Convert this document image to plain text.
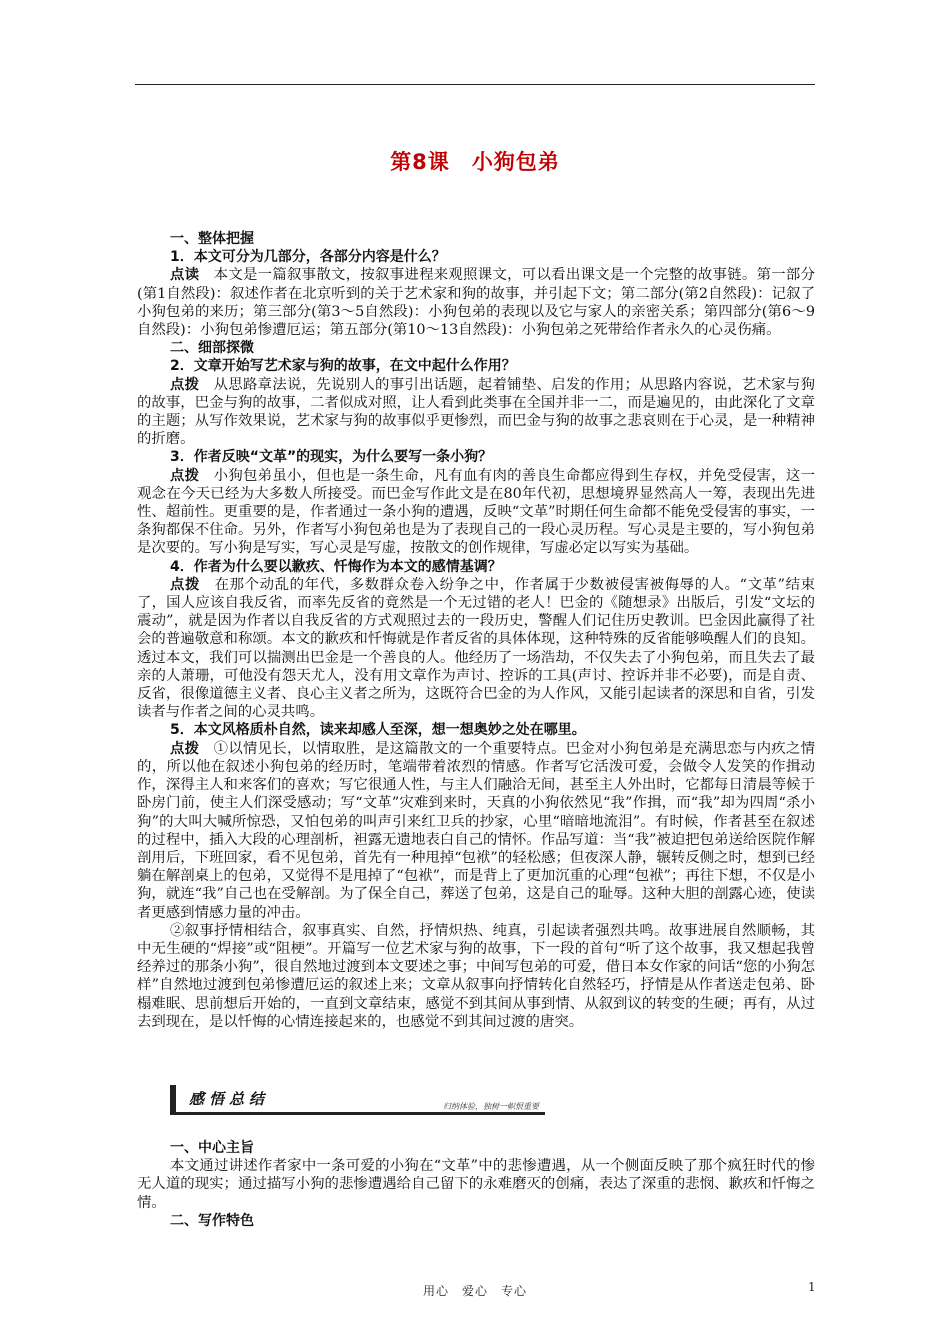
第8课 小狗包弟

一、整体把握

1．本文可分为几部分，各部分内容是什么？

点读 本文是一篇叙事散文，按叙事进程来观照课文，可以看出课文是一个完整的故事链。第一部分(第1自然段)：叙述作者在北京听到的关于艺术家和狗的故事，并引起下文；第二部分(第2自然段)：记叙了小狗包弟的来历；第三部分(第3～5自然段)：小狗包弟的表现以及它与家人的亲密关系；第四部分(第6～9自然段)：小狗包弟惨遭厄运；第五部分(第10～13自然段)：小狗包弟之死带给作者永久的心灵伤痛。

二、细部探微

2．文章开始写艺术家与狗的故事，在文中起什么作用？

点拨 从思路章法说，先说别人的事引出话题，起着铺垫、启发的作用；从思路内容说，艺术家与狗的故事，巴金与狗的故事，二者似成对照，让人看到此类事在全国并非一二，而是遍见的，由此深化了文章的主题；从写作效果说，艺术家与狗的故事似乎更惨烈，而巴金与狗的故事之悲哀则在于心灵，是一种精神的折磨。

3．作者反映“文革”的现实，为什么要写一条小狗？

点拨 小狗包弟虽小，但也是一条生命，凡有血有肉的善良生命都应得到生存权，并免受侵害，这一观念在今天已经为大多数人所接受。而巴金写作此文是在80年代初，思想境界显然高人一筹，表现出先进性、超前性。更重要的是，作者通过一条小狗的遭遇，反映“文革”时期任何生命都不能免受侵害的事实，一条狗都保不住命。另外，作者写小狗包弟也是为了表现自己的一段心灵历程。写心灵是主要的，写小狗包弟是次要的。写小狗是写实，写心灵是写虚，按散文的创作规律，写虚必定以写实为基础。

4．作者为什么要以歉疚、忏悔作为本文的感情基调？

点拨 在那个动乱的年代，多数群众卷入纷争之中，作者属于少数被侵害被侮辱的人。“文革”结束了，国人应该自我反省，而率先反省的竟然是一个无过错的老人！巴金的《随想录》出版后，引发“文坛的震动”，就是因为作者以自我反省的方式观照过去的一段历史，警醒人们记住历史教训。巴金因此赢得了社会的普遍敬意和称颂。本文的歉疚和忏悔就是作者反省的具体体现，这种特殊的反省能够唤醒人们的良知。透过本文，我们可以揣测出巴金是一个善良的人。他经历了一场浩劫，不仅失去了小狗包弟，而且失去了最亲的人萧珊，可他没有怨天尤人，没有用文章作为声讨、控诉的工具(声讨、控诉并非不必要)，而是自责、反省，很像道德主义者、良心主义者之所为，这既符合巴金的为人作风，又能引起读者的深思和自省，引发读者与作者之间的心灵共鸣。

5．本文风格质朴自然，读来却感人至深，想一想奥妙之处在哪里。

点拨 ①以情见长，以情取胜，是这篇散文的一个重要特点。巴金对小狗包弟是充满思恋与内疚之情的，所以他在叙述小狗包弟的经历时，笔端带着浓烈的情感。作者写它活泼可爱，会做令人发笑的作揖动作，深得主人和来客们的喜欢；写它很通人性，与主人们融洽无间，甚至主人外出时，它都每日清晨等候于卧房门前，使主人们深受感动；写“文革”灾难到来时，天真的小狗依然见“我”作揖，而“我”却为四周“杀小狗”的大叫大喊所惊恐，又怕包弟的叫声引来红卫兵的抄家，心里“暗暗地流泪”。有时候，作者甚至在叙述的过程中，插入大段的心理剖析，袒露无遗地表白自己的情怀。作品写道：当“我”被迫把包弟送给医院作解剖用后，下班回家，看不见包弟，首先有一种甩掉“包袱”的轻松感；但夜深人静，辗转反侧之时，想到已经躺在解剖桌上的包弟，又觉得不是甩掉了“包袱”，而是背上了更加沉重的心理“包袱”；再往下想，不仅是小狗，就连“我”自己也在受解剖。为了保全自己，葬送了包弟，这是自己的耻辱。这种大胆的剖露心迹，使读者更感到情感力量的冲击。

②叙事抒情相结合，叙事真实、自然，抒情炽热、纯真，引起读者强烈共鸣。故事进展自然顺畅，其中无生硬的“焊接”或“阻梗”。开篇写一位艺术家与狗的故事，下一段的首句“听了这个故事，我又想起我曾经养过的那条小狗”，很自然地过渡到本文要述之事；中间写包弟的可爱，借日本女作家的问话“您的小狗怎样”自然地过渡到包弟惨遭厄运的叙述上来；文章从叙事向抒情转化自然轻巧，抒情是从作者送走包弟、卧榻难眠、思前想后开始的，一直到文章结束，感觉不到其间从事到情、从叙到议的转变的生硬；再有，从过去到现在，是以忏悔的心情连接起来的，也感觉不到其间过渡的唐突。

感悟总结	归纳体验，独树一帜恨重要

一、中心主旨

本文通过讲述作者家中一条可爱的小狗在“文革”中的悲惨遭遇，从一个侧面反映了那个疯狂时代的惨无人道的现实；通过描写小狗的悲惨遭遇给自己留下的永难磨灭的创痛，表达了深重的悲悯、歉疚和忏悔之情。

二、写作特色

用心　爱心　专心	1
